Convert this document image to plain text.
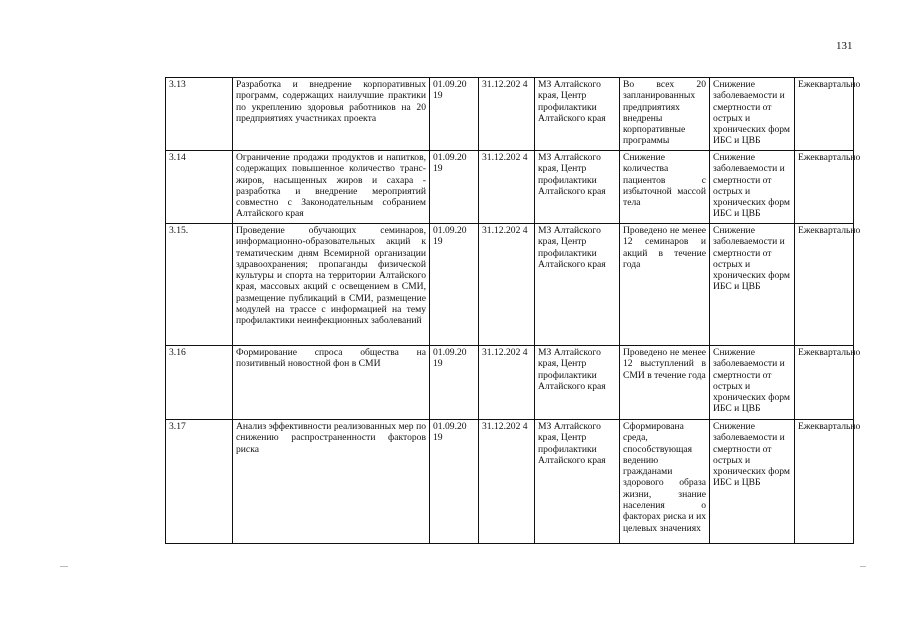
131
3.13	Разработка и внедрение корпоративных программ, содержащих наилучшие практики по укреплению здоровья работников на 20 предприятиях участниках проекта	01.09.20 19	31.12.202 4	МЗ Алтайского края, Центр профилактики Алтайского края	Во всех 20 запланированных предприятиях внедрены корпоративные программы	Снижение заболеваемости и смертности от острых и хронических форм ИБС и ЦВБ	Ежеквартально
3.14	Ограничение продажи продуктов и напитков, содержащих повышенное количество транс-жиров, насыщенных жиров и сахара - разработка и внедрение мероприятий совместно с Законодательным собранием Алтайского края	01.09.20 19	31.12.202 4	МЗ Алтайского края, Центр профилактики Алтайского края	Снижение количества пациентов с избыточной массой тела	Снижение заболеваемости и смертности от острых и хронических форм ИБС и ЦВБ	Ежеквартально
3.15.	Проведение обучающих семинаров, информационно-образовательных акций к тематическим дням Всемирной организации здравоохранения; пропаганды физической культуры и спорта на территории Алтайского края, массовых акций с освещением в СМИ, размещение публикаций в СМИ, размещение модулей на трассе с информацией на тему профилактики неинфекционных заболеваний	01.09.20 19	31.12.202 4	МЗ Алтайского края, Центр профилактики Алтайского края	Проведено не менее 12 семинаров и акций в течение года	Снижение заболеваемости и смертности от острых и хронических форм ИБС и ЦВБ	Ежеквартально
3.16	Формирование спроса общества на позитивный новостной фон в СМИ	01.09.20 19	31.12.202 4	МЗ Алтайского края, Центр профилактики Алтайского края	Проведено не менее 12 выступлений в СМИ в течение года	Снижение заболеваемости и смертности от острых и хронических форм ИБС и ЦВБ	Ежеквартально
3.17	Анализ эффективности реализованных мер по снижению распространенности факторов риска	01.09.20 19	31.12.202 4	МЗ Алтайского края, Центр профилактики Алтайского края	Сформирована среда, способствующая ведению гражданами здорового образа жизни, знание населения о факторах риска и их целевых значениях	Снижение заболеваемости и смертности от острых и хронических форм ИБС и ЦВБ	Ежеквартально
